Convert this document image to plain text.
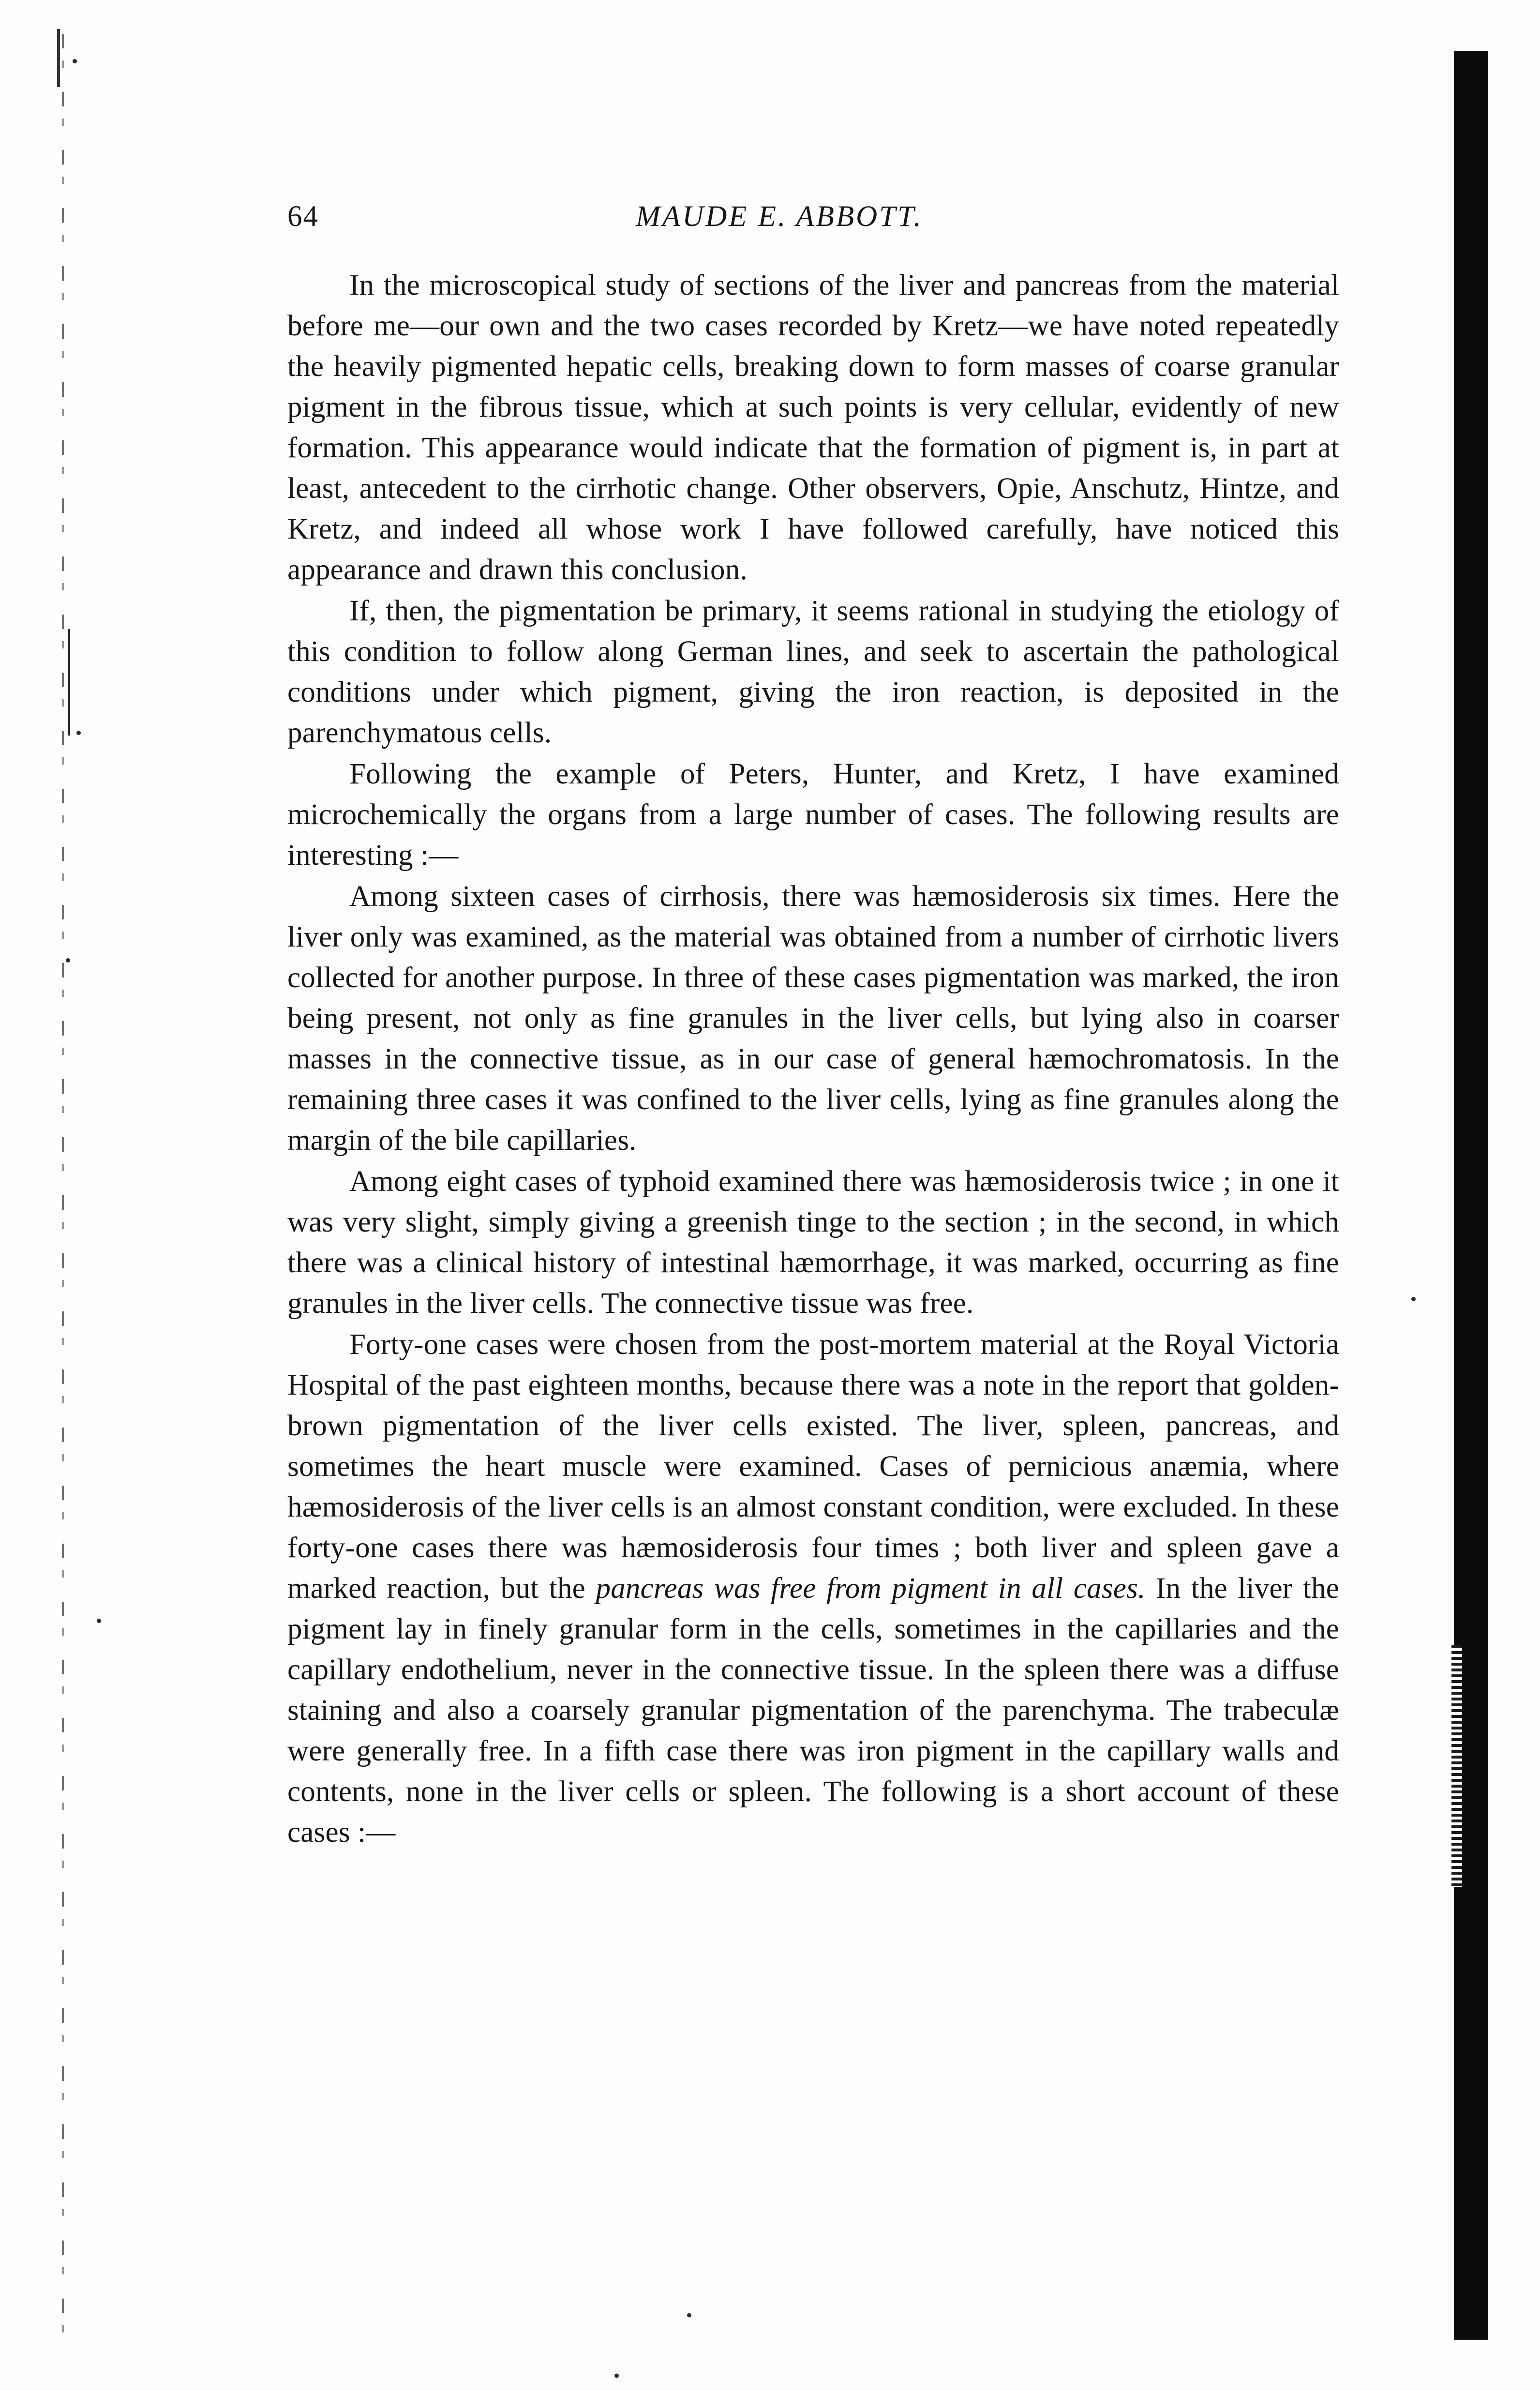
64	MAUDE E. ABBOTT.

In the microscopical study of sections of the liver and pancreas from the material before me—our own and the two cases recorded by Kretz—we have noted repeatedly the heavily pigmented hepatic cells, breaking down to form masses of coarse granular pigment in the fibrous tissue, which at such points is very cellular, evidently of new formation. This appearance would indicate that the formation of pigment is, in part at least, antecedent to the cirrhotic change. Other observers, Opie, Anschutz, Hintze, and Kretz, and indeed all whose work I have followed carefully, have noticed this appearance and drawn this conclusion.

If, then, the pigmentation be primary, it seems rational in studying the etiology of this condition to follow along German lines, and seek to ascertain the pathological conditions under which pigment, giving the iron reaction, is deposited in the parenchymatous cells.

Following the example of Peters, Hunter, and Kretz, I have examined microchemically the organs from a large number of cases. The following results are interesting :—

Among sixteen cases of cirrhosis, there was hæmosiderosis six times. Here the liver only was examined, as the material was obtained from a number of cirrhotic livers collected for another purpose. In three of these cases pigmentation was marked, the iron being present, not only as fine granules in the liver cells, but lying also in coarser masses in the connective tissue, as in our case of general hæmochromatosis. In the remaining three cases it was confined to the liver cells, lying as fine granules along the margin of the bile capillaries.

Among eight cases of typhoid examined there was hæmosiderosis twice ; in one it was very slight, simply giving a greenish tinge to the section ; in the second, in which there was a clinical history of intestinal hæmorrhage, it was marked, occurring as fine granules in the liver cells. The connective tissue was free.

Forty-one cases were chosen from the post-mortem material at the Royal Victoria Hospital of the past eighteen months, because there was a note in the report that golden-brown pigmentation of the liver cells existed. The liver, spleen, pancreas, and sometimes the heart muscle were examined. Cases of pernicious anæmia, where hæmosiderosis of the liver cells is an almost constant condition, were excluded. In these forty-one cases there was hæmosiderosis four times ; both liver and spleen gave a marked reaction, but the pancreas was free from pigment in all cases. In the liver the pigment lay in finely granular form in the cells, sometimes in the capillaries and the capillary endothelium, never in the connective tissue. In the spleen there was a diffuse staining and also a coarsely granular pigmentation of the parenchyma. The trabeculæ were generally free. In a fifth case there was iron pigment in the capillary walls and contents, none in the liver cells or spleen. The following is a short account of these cases :—
